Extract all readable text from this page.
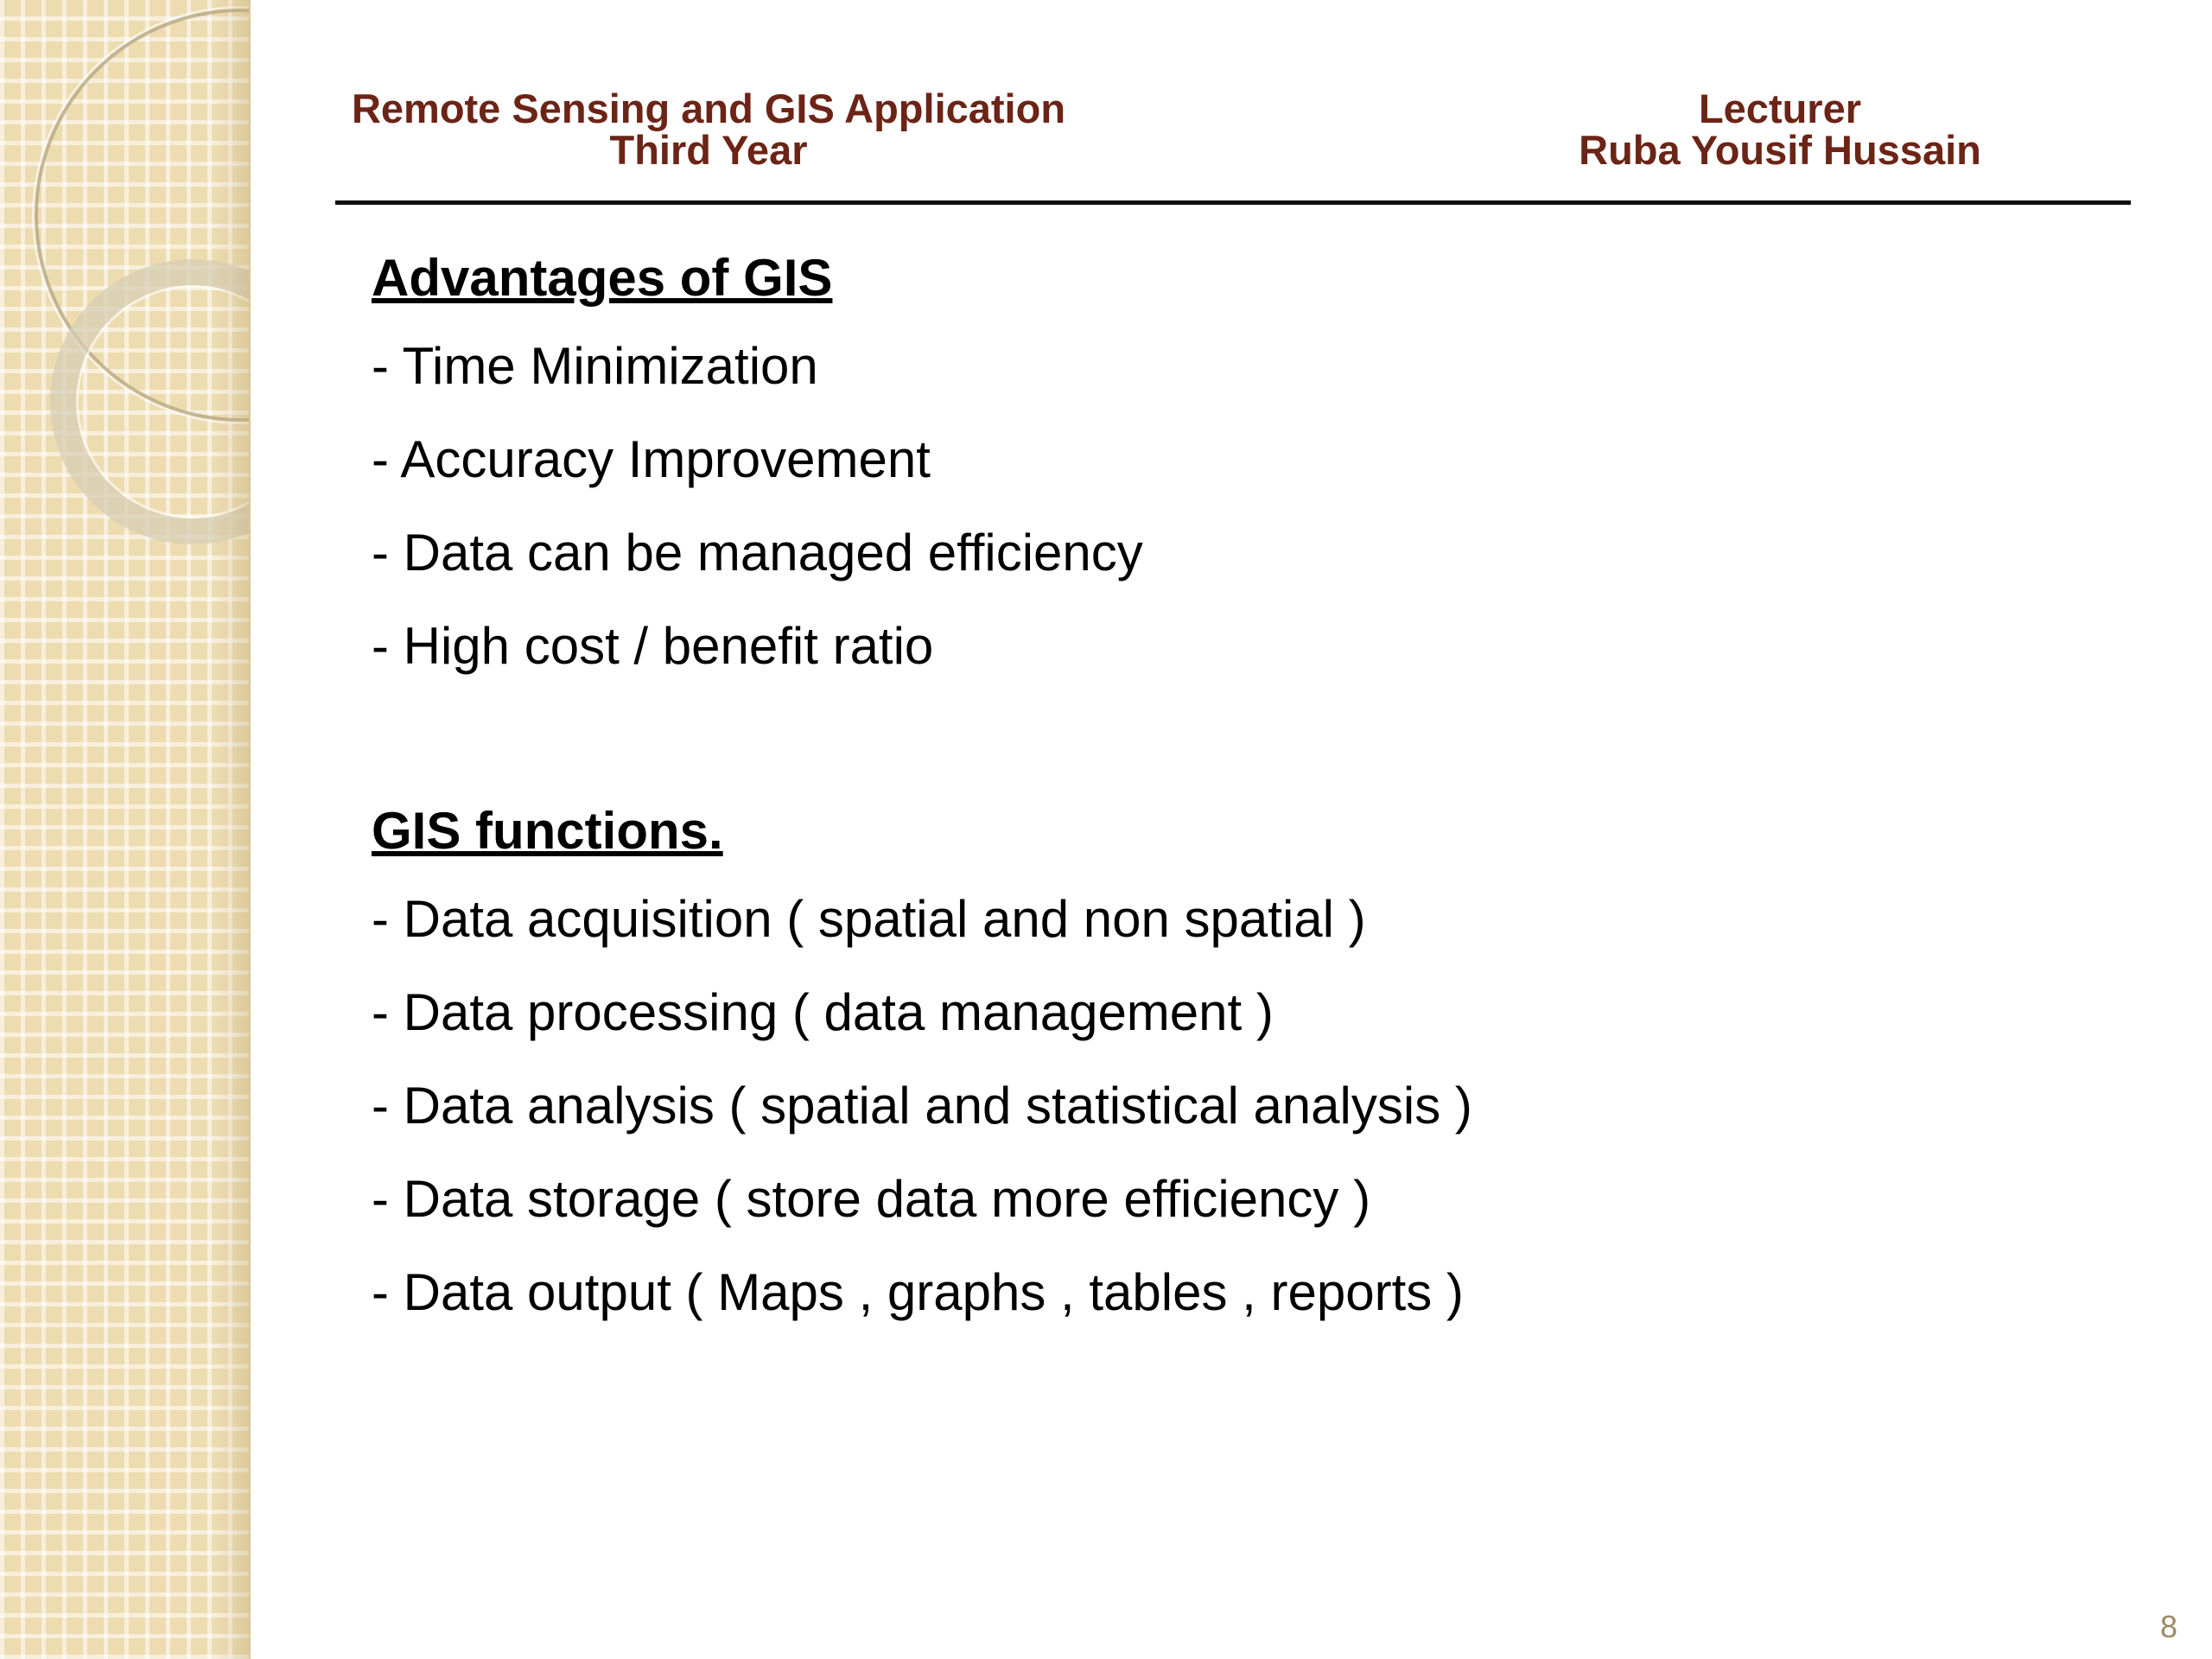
Remote Sensing and GIS Application
Third Year
Lecturer
Ruba Yousif Hussain
Advantages of GIS
- Time Minimization
- Accuracy Improvement
- Data can be managed efficiency
- High cost / benefit ratio
GIS functions.
- Data acquisition ( spatial and non spatial )
- Data processing ( data management )
- Data analysis ( spatial and statistical analysis )
- Data storage ( store data more efficiency )
- Data output ( Maps , graphs , tables , reports )
8
